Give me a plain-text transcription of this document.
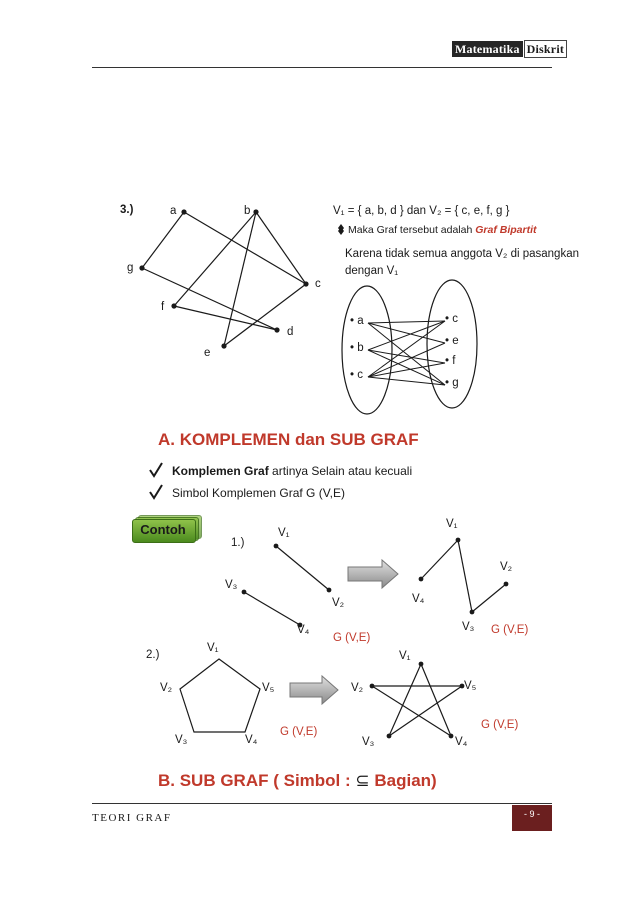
Matematika Diskrit
3.)	a	b
c
d
e
f
g
V₁ = { a, b, d } dan V₂ = { c, e, f, g }
Maka Graf tersebut adalah Graf Bipartit
Karena tidak semua anggota V₂ di pasangkan
dengan V₁
• a
• b
• c
• c
• e
• f
• g
A. KOMPLEMEN dan SUB GRAF
Komplemen Graf artinya Selain atau kecuali
Simbol Komplemen Graf G (V,E)
Contoh
1.)
V₁
V₂
V₃
V₄
G (V,E)
V₁
V₂
V₃
V₄
G (V,E)
2.)
V₁
V₂
V₃	V₄
V₅
G (V,E)
V₁
V₂
V₃	V₄
V₅
G (V,E)
B. SUB GRAF ( Simbol : ⊆ Bagian)
TEORI GRAF	- 9 -
